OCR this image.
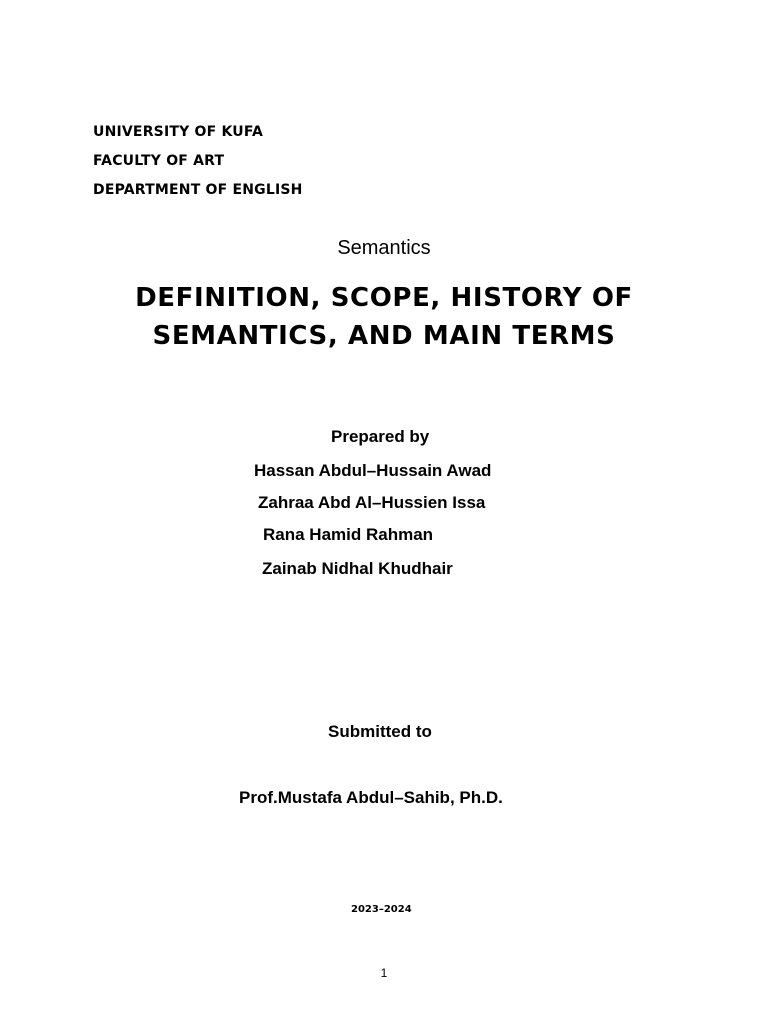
UNIVERSITY OF KUFA
FACULTY OF ART
DEPARTMENT OF ENGLISH
Semantics
DEFINITION, SCOPE, HISTORY OF
SEMANTICS, AND MAIN TERMS
Prepared by
Hassan Abdul–Hussain Awad
Zahraa Abd Al–Hussien Issa
Rana Hamid Rahman
Zainab Nidhal Khudhair
Submitted to
Prof.Mustafa Abdul–Sahib, Ph.D.
2023–2024
1
